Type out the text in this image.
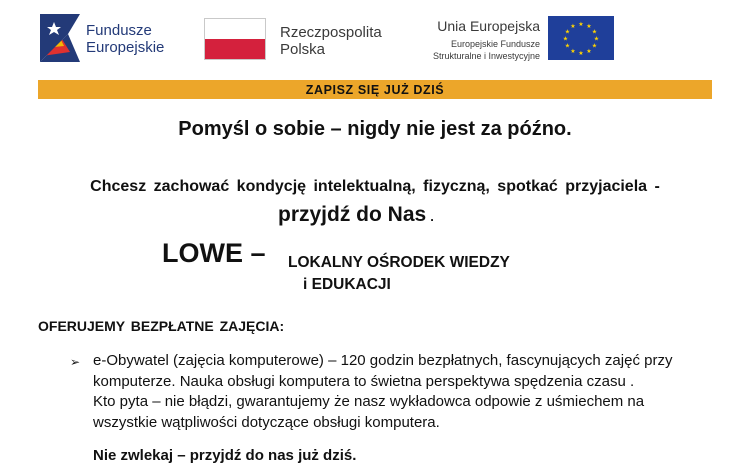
Fundusze
Europejskie
Rzeczpospolita
Polska
Unia Europejska
Europejskie Fundusze
Strukturalne i Inwestycyjne
★ ★
★
★
★
★
★
★
★
★
★
★
ZAPISZ SIĘ JUŻ DZIŚ
Pomyśl o sobie – nigdy nie jest za późno.
Chcesz zachować kondycję intelektualną, fizyczną, spotkać przyjaciela -
przyjdź do Nas .
LOWE – LOKALNY OŚRODEK WIEDZY
i EDUKACJI
OFERUJEMY BEZPŁATNE ZAJĘCIA:
➢ e-Obywatel (zajęcia komputerowe) – 120 godzin bezpłatnych, fascynujących zajęć przy
komputerze. Nauka obsługi komputera to świetna perspektywa spędzenia czasu .
Kto pyta – nie błądzi, gwarantujemy że nasz wykładowca odpowie z uśmiechem na
wszystkie wątpliwości dotyczące obsługi komputera.
Nie zwlekaj – przyjdź do nas już dziś.
